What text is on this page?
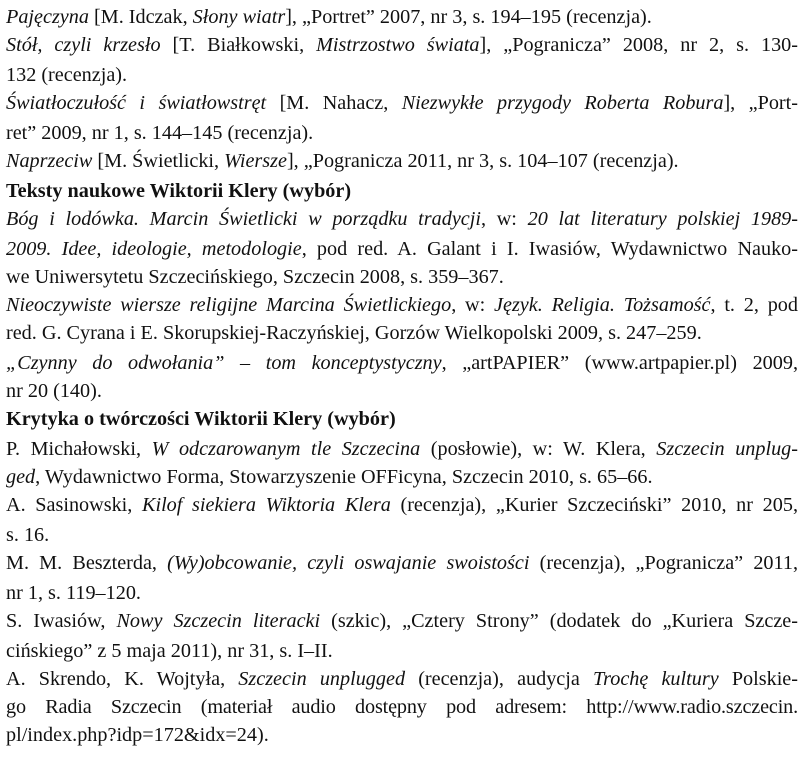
Pajęczyna [M. Idczak, Słony wiatr], „Portret” 2007, nr 3, s. 194–195 (recenzja).
Stół, czyli krzesło [T. Białkowski, Mistrzostwo świata], „Pogranicza” 2008, nr 2, s. 130-
132 (recenzja).
Światłoczułość i światłowstręt [M. Nahacz, Niezwykłe przygody Roberta Robura], „Port-
ret” 2009, nr 1, s. 144–145 (recenzja).
Naprzeciw [M. Świetlicki, Wiersze], „Pogranicza 2011, nr 3, s. 104–107 (recenzja).
Teksty naukowe Wiktorii Klery (wybór)
Bóg i lodówka. Marcin Świetlicki w porządku tradycji, w: 20 lat literatury polskiej 1989-
2009. Idee, ideologie, metodologie, pod red. A. Galant i I. Iwasiów, Wydawnictwo Nauko-
we Uniwersytetu Szczecińskiego, Szczecin 2008, s. 359–367.
Nieoczywiste wiersze religijne Marcina Świetlickiego, w: Język. Religia. Tożsamość, t. 2, pod
red. G. Cyrana i E. Skorupskiej-Raczyńskiej, Gorzów Wielkopolski 2009, s. 247–259.
„Czynny do odwołania” – tom konceptystyczny, „artPAPIER” (www.artpapier.pl) 2009,
nr 20 (140).
Krytyka o twórczości Wiktorii Klery (wybór)
P. Michałowski, W odczarowanym tle Szczecina (posłowie), w: W. Klera, Szczecin unplug-
ged, Wydawnictwo Forma, Stowarzyszenie OFFicyna, Szczecin 2010, s. 65–66.
A. Sasinowski, Kilof siekiera Wiktoria Klera (recenzja), „Kurier Szczeciński” 2010, nr 205,
s. 16.
M. M. Beszterda, (Wy)obcowanie, czyli oswajanie swoistości (recenzja), „Pogranicza” 2011,
nr 1, s. 119–120.
S. Iwasiów, Nowy Szczecin literacki (szkic), „Cztery Strony” (dodatek do „Kuriera Szcze-
cińskiego” z 5 maja 2011), nr 31, s. I–II.
A. Skrendo, K. Wojtyła, Szczecin unplugged (recenzja), audycja Trochę kultury Polskie-
go Radia Szczecin (materiał audio dostępny pod adresem: http://www.radio.szczecin.
pl/index.php?idp=172&idx=24).
